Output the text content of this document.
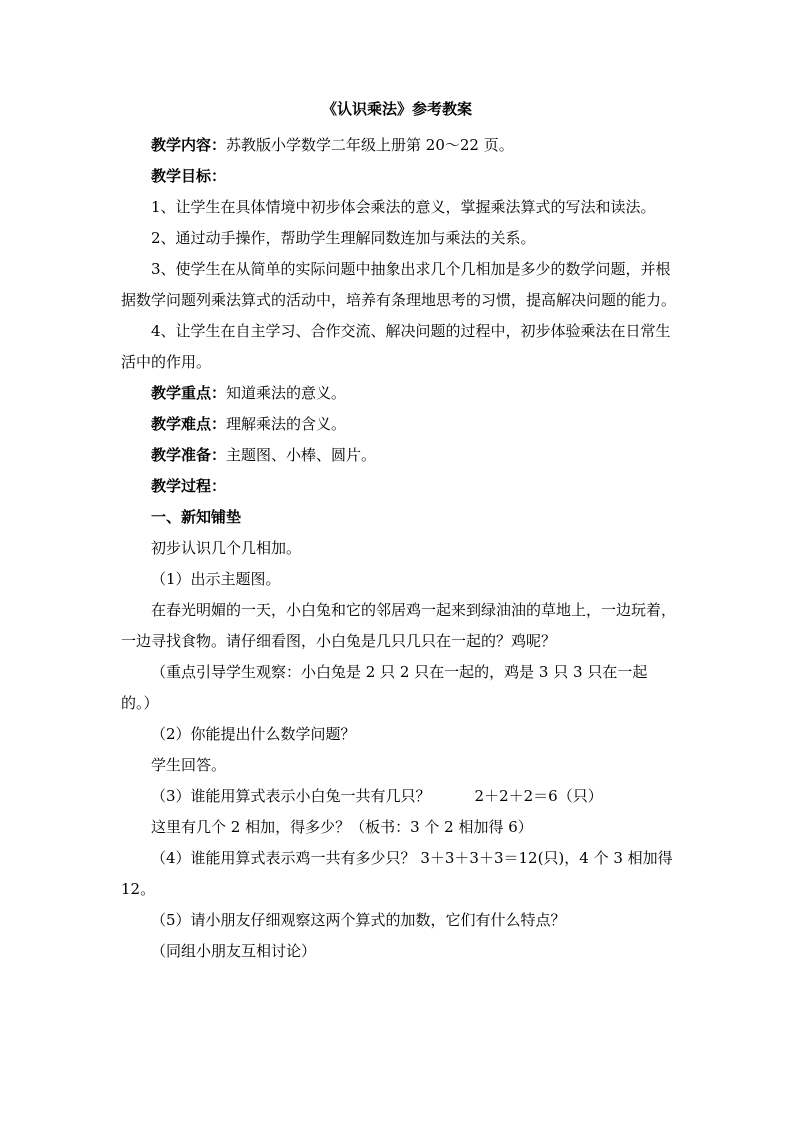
《认识乘法》参考教案

教学内容：苏教版小学数学二年级上册第 20～22 页。

教学目标：

1、让学生在具体情境中初步体会乘法的意义，掌握乘法算式的写法和读法。

2、通过动手操作，帮助学生理解同数连加与乘法的关系。

3、使学生在从简单的实际问题中抽象出求几个几相加是多少的数学问题，并根据数学问题列乘法算式的活动中，培养有条理地思考的习惯，提高解决问题的能力。

4、让学生在自主学习、合作交流、解决问题的过程中，初步体验乘法在日常生活中的作用。

教学重点：知道乘法的意义。

教学难点：理解乘法的含义。

教学准备：主题图、小棒、圆片。

教学过程：

一、新知铺垫

初步认识几个几相加。

（1）出示主题图。

在春光明媚的一天，小白兔和它的邻居鸡一起来到绿油油的草地上，一边玩着，一边寻找食物。请仔细看图，小白兔是几只几只在一起的？鸡呢？

（重点引导学生观察：小白兔是 2 只 2 只在一起的，鸡是 3 只 3 只在一起的。）

（2）你能提出什么数学问题？

学生回答。

（3）谁能用算式表示小白兔一共有几只？	2＋2＋2＝6（只）

这里有几个 2 相加，得多少？（板书：3 个 2 相加得 6）

（4）谁能用算式表示鸡一共有多少只？ 3＋3＋3＋3＝12(只)，4 个 3 相加得 12。

（5）请小朋友仔细观察这两个算式的加数，它们有什么特点？

（同组小朋友互相讨论）
